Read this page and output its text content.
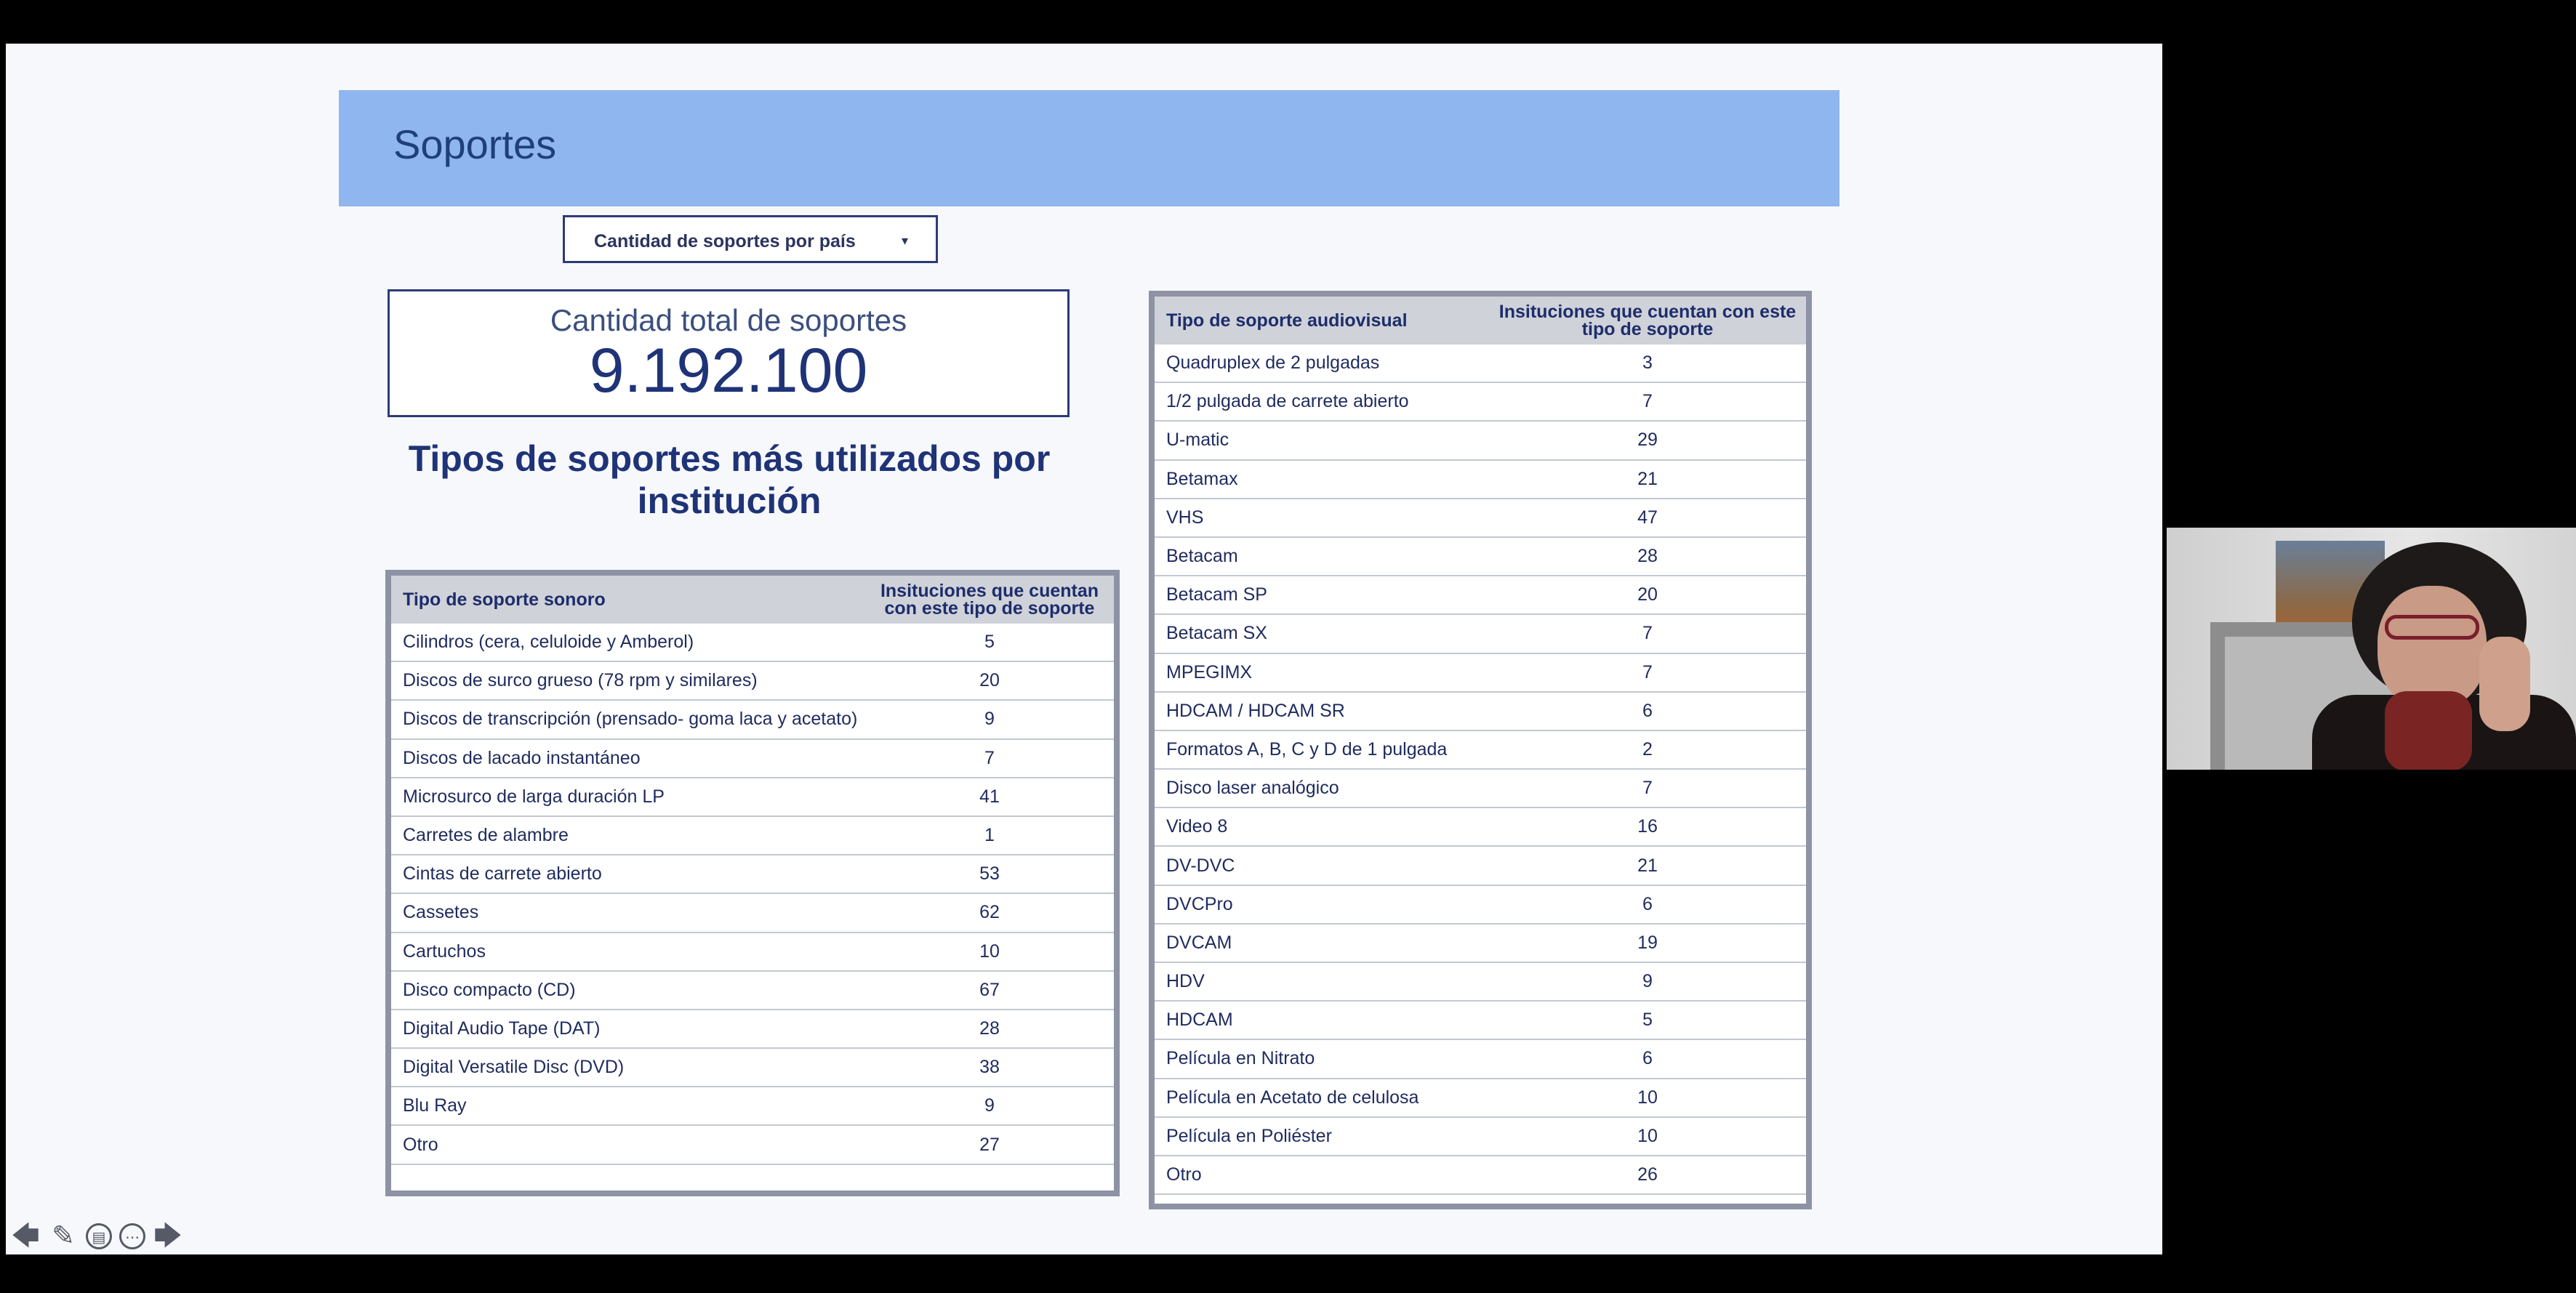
Soportes
Cantidad de soportes por país	▾
Cantidad total de soportes
9.192.100
Tipos de soportes más utilizados por institución
Tipo de soporte sonoro	Insituciones que cuentan con este tipo de soporte
Cilindros (cera, celuloide y Amberol)	5
Discos de surco grueso (78 rpm y similares)	20
Discos de transcripción (prensado- goma laca y acetato)	9
Discos de lacado instantáneo	7
Microsurco de larga duración LP	41
Carretes de alambre	1
Cintas de carrete abierto	53
Cassetes	62
Cartuchos	10
Disco compacto (CD)	67
Digital Audio Tape (DAT)	28
Digital Versatile Disc (DVD)	38
Blu Ray	9
Otro	27
Tipo de soporte audiovisual	Insituciones que cuentan con este tipo de soporte
Quadruplex de 2 pulgadas	3
1/2 pulgada de carrete abierto	7
U-matic	29
Betamax	21
VHS	47
Betacam	28
Betacam SP	20
Betacam SX	7
MPEGIMX	7
HDCAM / HDCAM SR	6
Formatos A, B, C y D de 1 pulgada	2
Disco laser analógico	7
Video 8	16
DV-DVC	21
DVCPro	6
DVCAM	19
HDV	9
HDCAM	5
Película en Nitrato	6
Película en Acetato de celulosa	10
Película en Poliéster	10
Otro	26
🡄 ✎	▤	⋯ 🡆
